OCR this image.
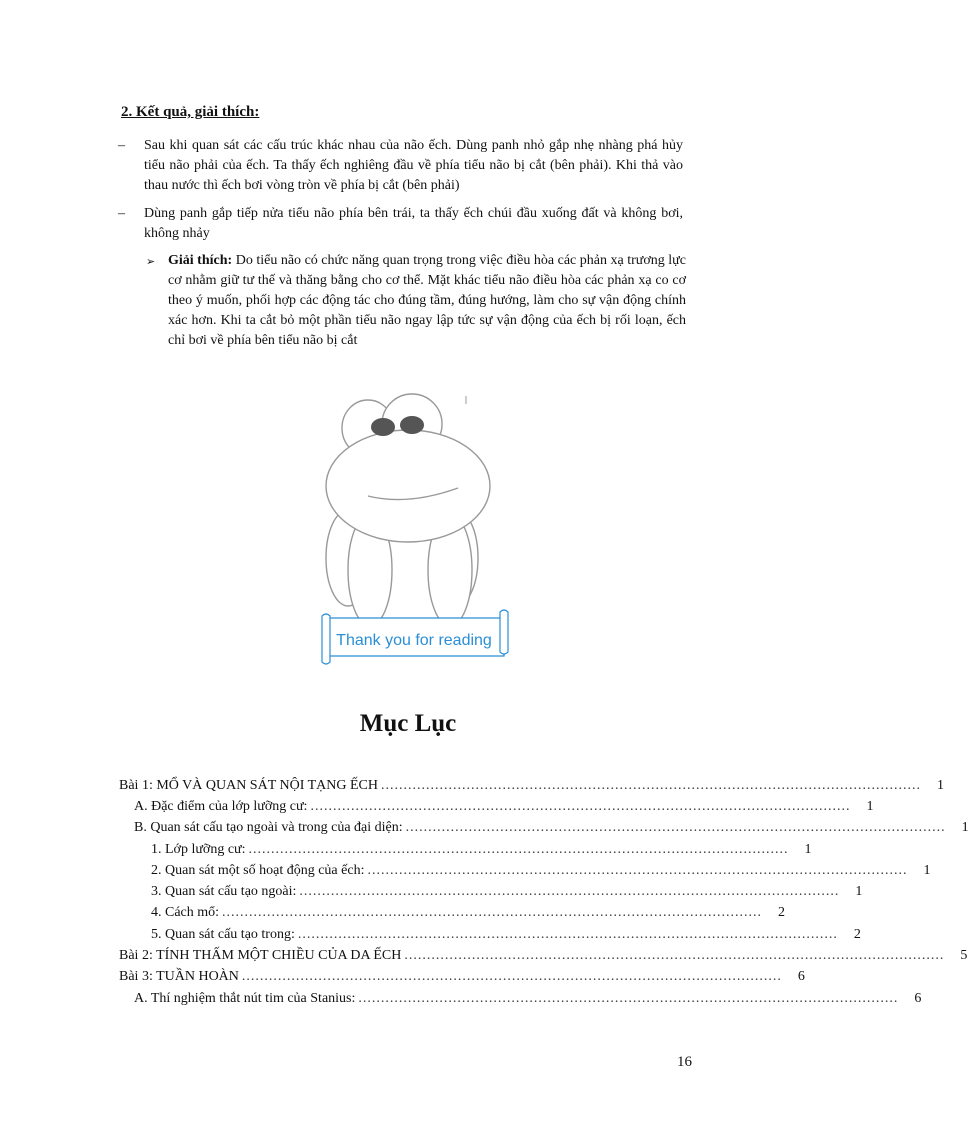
2. Kết quả, giải thích:

–	Sau khi quan sát các cấu trúc khác nhau của não ếch. Dùng panh nhỏ gắp nhẹ nhàng phá hủy tiểu não phải của ếch. Ta thấy ếch nghiêng đầu về phía tiểu não bị cắt (bên phải). Khi thả vào thau nước thì ếch bơi vòng tròn về phía bị cắt (bên phải)
–	Dùng panh gắp tiếp nửa tiểu não phía bên trái, ta thấy ếch chúi đầu xuống đất và không bơi, không nhảy
➢ Giải thích: Do tiểu não có chức năng quan trọng trong việc điều hòa các phản xạ trương lực cơ nhằm giữ tư thế và thăng bằng cho cơ thể. Mặt khác tiểu não điều hòa các phản xạ co cơ theo ý muốn, phối hợp các động tác cho đúng tầm, đúng hướng, làm cho sự vận động chính xác hơn. Khi ta cắt bỏ một phần tiểu não ngay lập tức sự vận động của ếch bị rối loạn, ếch chỉ bơi về phía bên tiểu não bị cắt
Thank you for reading
Mục Lục
Bài 1: MỔ VÀ QUAN SÁT NỘI TẠNG ẾCH ........................................................................................................................	1
A. Đặc điểm của lớp lưỡng cư: ........................................................................................................................	1
B. Quan sát cấu tạo ngoài và trong của đại diện: ........................................................................................................................	1
1. Lớp lưỡng cư: ........................................................................................................................	1
2. Quan sát một số hoạt động của ếch: ........................................................................................................................	1
3. Quan sát cấu tạo ngoài: ........................................................................................................................	1
4. Cách mổ: ........................................................................................................................	2
5. Quan sát cấu tạo trong: ........................................................................................................................	2
Bài 2: TÍNH THẤM MỘT CHIỀU CỦA DA ẾCH ........................................................................................................................	5
Bài 3: TUẦN HOÀN ........................................................................................................................	6
A. Thí nghiệm thắt nút tim của Stanius: ........................................................................................................................	6

16
